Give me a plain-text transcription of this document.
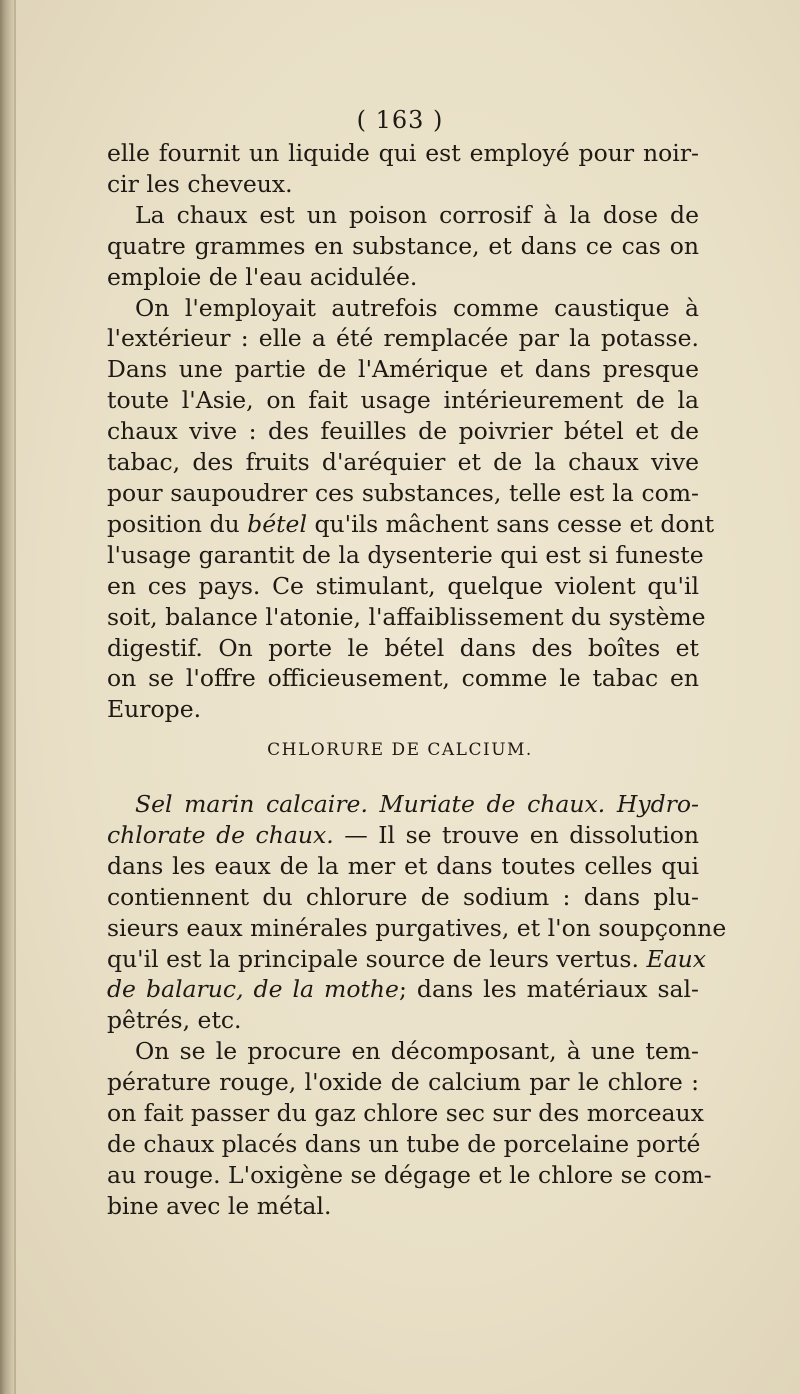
( 163 )

elle fournit un liquide qui est employé pour noir-

cir les cheveux.

La chaux est un poison corrosif à la dose de

quatre grammes en substance, et dans ce cas on

emploie de l'eau acidulée.

On l'employait autrefois comme caustique à

l'extérieur : elle a été remplacée par la potasse.

Dans une partie de l'Amérique et dans presque

toute l'Asie, on fait usage intérieurement de la

chaux vive : des feuilles de poivrier bétel et de

tabac, des fruits d'aréquier et de la chaux vive

pour saupoudrer ces substances, telle est la com-

position du bétel qu'ils mâchent sans cesse et dont

l'usage garantit de la dysenterie qui est si funeste

en ces pays. Ce stimulant, quelque violent qu'il

soit, balance l'atonie, l'affaiblissement du système

digestif. On porte le bétel dans des boîtes et

on se l'offre officieusement, comme le tabac en

Europe.

CHLORURE DE CALCIUM.

Sel marin calcaire. Muriate de chaux. Hydro-

chlorate de chaux. — Il se trouve en dissolution

dans les eaux de la mer et dans toutes celles qui

contiennent du chlorure de sodium : dans plu-

sieurs eaux minérales purgatives, et l'on soupçonne

qu'il est la principale source de leurs vertus. Eaux

de balaruc, de la mothe; dans les matériaux sal-

pêtrés, etc.

On se le procure en décomposant, à une tem-

pérature rouge, l'oxide de calcium par le chlore :

on fait passer du gaz chlore sec sur des morceaux

de chaux placés dans un tube de porcelaine porté

au rouge. L'oxigène se dégage et le chlore se com-

bine avec le métal.
